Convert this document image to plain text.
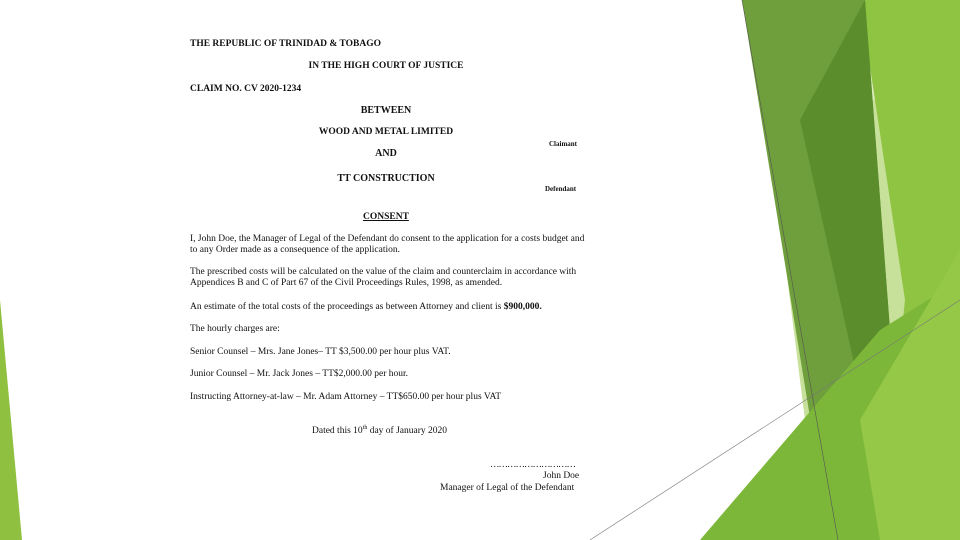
THE REPUBLIC OF TRINIDAD & TOBAGO
IN THE HIGH COURT OF JUSTICE
CLAIM NO. CV 2020-1234
BETWEEN
WOOD AND METAL LIMITED
Claimant
AND
TT CONSTRUCTION
Defendant
CONSENT
I, John Doe, the Manager of Legal of the Defendant do consent to the application for a costs budget and to any Order made as a consequence of the application.
The prescribed costs will be calculated on the value of the claim and counterclaim in accordance with Appendices B and C of Part 67 of the Civil Proceedings Rules, 1998, as amended.
An estimate of the total costs of the proceedings as between Attorney and client is $900,000.
The hourly charges are:
Senior Counsel – Mrs. Jane Jones– TT $3,500.00 per hour plus VAT.
Junior Counsel – Mr. Jack Jones – TT$2,000.00 per hour.
Instructing Attorney-at-law – Mr. Adam Attorney – TT$650.00 per hour plus VAT
Dated this 10th day of January 2020
…………………………
John Doe
Manager of Legal of the Defendant
